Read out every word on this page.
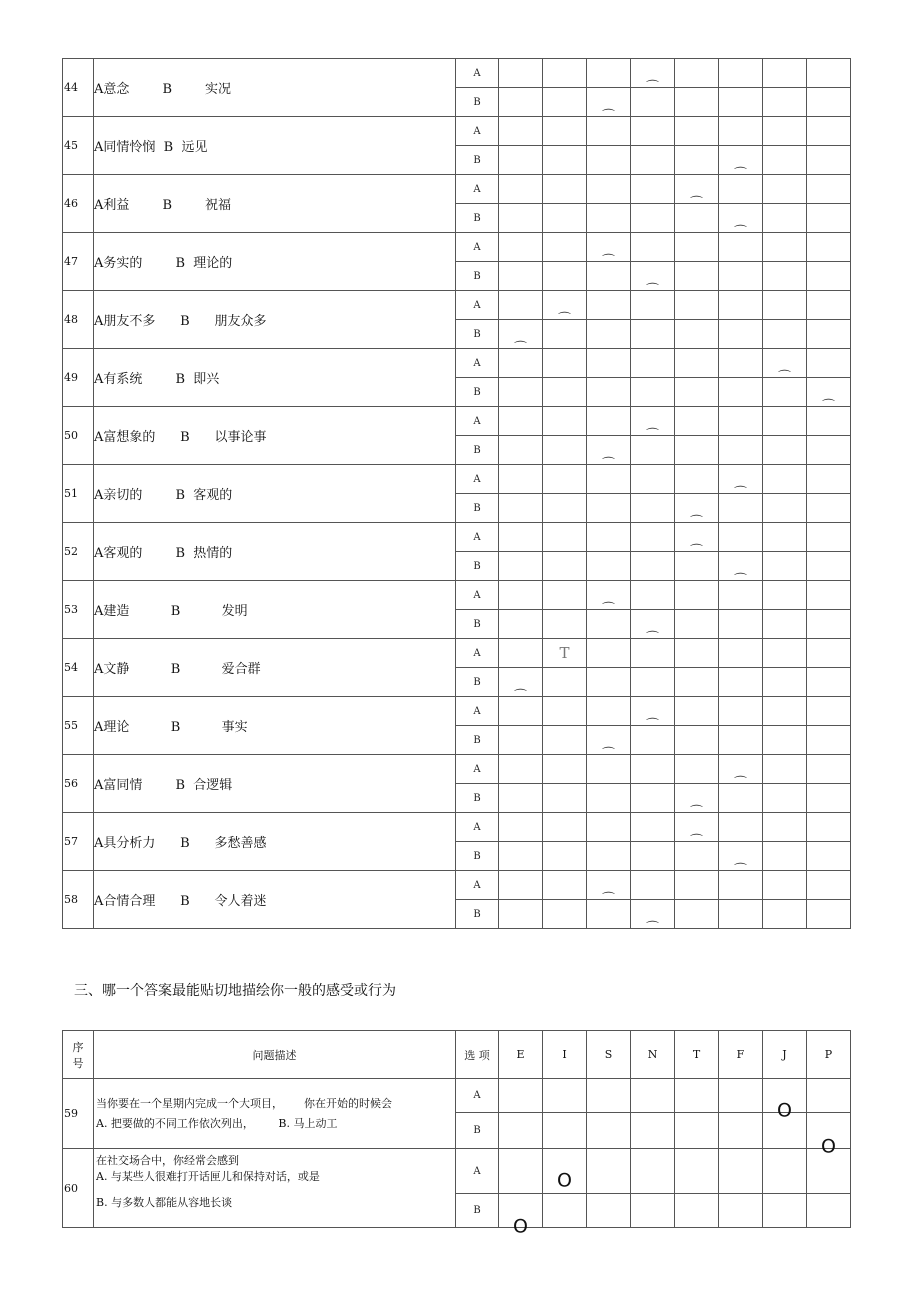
44	A意念        B        实况	A				⌒				

		B			⌒					

45	A同情怜悯  B  远见	A								
		B						⌒		

46	A利益        B        祝福	A					⌒			

		B						⌒		

47	A务实的        B  理论的	A			⌒					

		B				⌒				

48	A朋友不多      B      朋友众多	A		⌒						

		B	⌒							

49	A有系统        B  即兴	A							⌒	

		B								⌒

50	A富想象的      B      以事论事	A				⌒				

		B			⌒					

51	A亲切的        B  客观的	A						⌒		

		B					⌒			

52	A客观的        B  热情的	A					⌒			

		B						⌒		

53	A建造          B          发明	A			⌒					

		B				⌒				

54	A文静          B          爱合群	A		T						

		B	⌒							

55	A理论          B          事实	A				⌒				

		B			⌒					

56	A富同情        B  合逻辑	A						⌒		

		B					⌒			

57	A具分析力      B      多愁善感	A					⌒			

		B						⌒		

58	A合情合理      B      令人着迷	A			⌒					

		B				⌒				

三、哪一个答案最能贴切地描绘你一般的感受或行为
序
号	问题描述	选 项	E	I	S	N	T	F	J	P
59	当你要在一个星期内完成一个大项目，      你在开始的时候会
A. 把要做的不同工作依次列出，       B. 马上动工	A							O	

		B								O

60	在社交场合中，你经常会感到
A. 与某些人很难打开话匣儿和保持对话，或是
B. 与多数人都能从容地长谈	A		O						

		B	O							
